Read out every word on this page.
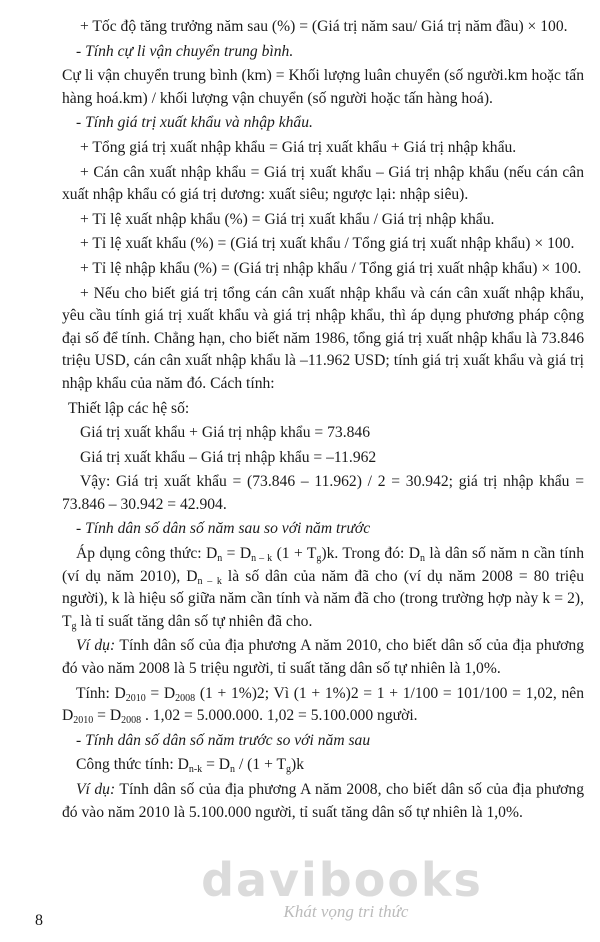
+ Tốc độ tăng trưởng năm sau (%) = (Giá trị năm sau/ Giá trị năm đầu) × 100.

- Tính cự li vận chuyển trung bình.

Cự li vận chuyển trung bình (km) = Khối lượng luân chuyển (số người.km hoặc tấn hàng hoá.km) / khối lượng vận chuyển (số người hoặc tấn hàng hoá).

- Tính giá trị xuất khẩu và nhập khẩu.

+ Tổng giá trị xuất nhập khẩu = Giá trị xuất khẩu + Giá trị nhập khẩu.

+ Cán cân xuất nhập khẩu = Giá trị xuất khẩu – Giá trị nhập khẩu (nếu cán cân xuất nhập khẩu có giá trị dương: xuất siêu; ngược lại: nhập siêu).

+ Tỉ lệ xuất nhập khẩu (%) = Giá trị xuất khẩu / Giá trị nhập khẩu.

+ Tỉ lệ xuất khẩu (%) = (Giá trị xuất khẩu / Tổng giá trị xuất nhập khẩu) × 100.

+ Tỉ lệ nhập khẩu (%) = (Giá trị nhập khẩu / Tổng giá trị xuất nhập khẩu) × 100.

+ Nếu cho biết giá trị tổng cán cân xuất nhập khẩu và cán cân xuất nhập khẩu, yêu cầu tính giá trị xuất khẩu và giá trị nhập khẩu, thì áp dụng phương pháp cộng đại số để tính. Chẳng hạn, cho biết năm 1986, tổng giá trị xuất nhập khẩu là 73.846 triệu USD, cán cân xuất nhập khẩu là –11.962 USD; tính giá trị xuất khẩu và giá trị nhập khẩu của năm đó. Cách tính:

Thiết lập các hệ số:

Giá trị xuất khẩu + Giá trị nhập khẩu = 73.846

Giá trị xuất khẩu – Giá trị nhập khẩu = –11.962

Vậy: Giá trị xuất khẩu = (73.846 – 11.962) / 2 = 30.942; giá trị nhập khẩu = 73.846 – 30.942 = 42.904.

- Tính dân số dân số năm sau so với năm trước

Áp dụng công thức: Dn = Dn – k (1 + Tg)k. Trong đó: Dn là dân số năm n cần tính (ví dụ năm 2010), Dn – k là số dân của năm đã cho (ví dụ năm 2008 = 80 triệu người), k là hiệu số giữa năm cần tính và năm đã cho (trong trường hợp này k = 2), Tg là tỉ suất tăng dân số tự nhiên đã cho.

Ví dụ: Tính dân số của địa phương A năm 2010, cho biết dân số của địa phương đó vào năm 2008 là 5 triệu người, tỉ suất tăng dân số tự nhiên là 1,0%.

Tính: D2010 = D2008 (1 + 1%)2; Vì (1 + 1%)2 = 1 + 1/100 = 101/100 = 1,02, nên D2010 = D2008 . 1,02 = 5.000.000. 1,02 = 5.100.000 người.

- Tính dân số dân số năm trước so với năm sau

Công thức tính: Dn-k = Dn / (1 + Tg)k

Ví dụ: Tính dân số của địa phương A năm 2008, cho biết dân số của địa phương đó vào năm 2010 là 5.100.000 người, tỉ suất tăng dân số tự nhiên là 1,0%.

davibooks
Khát vọng tri thức
8
